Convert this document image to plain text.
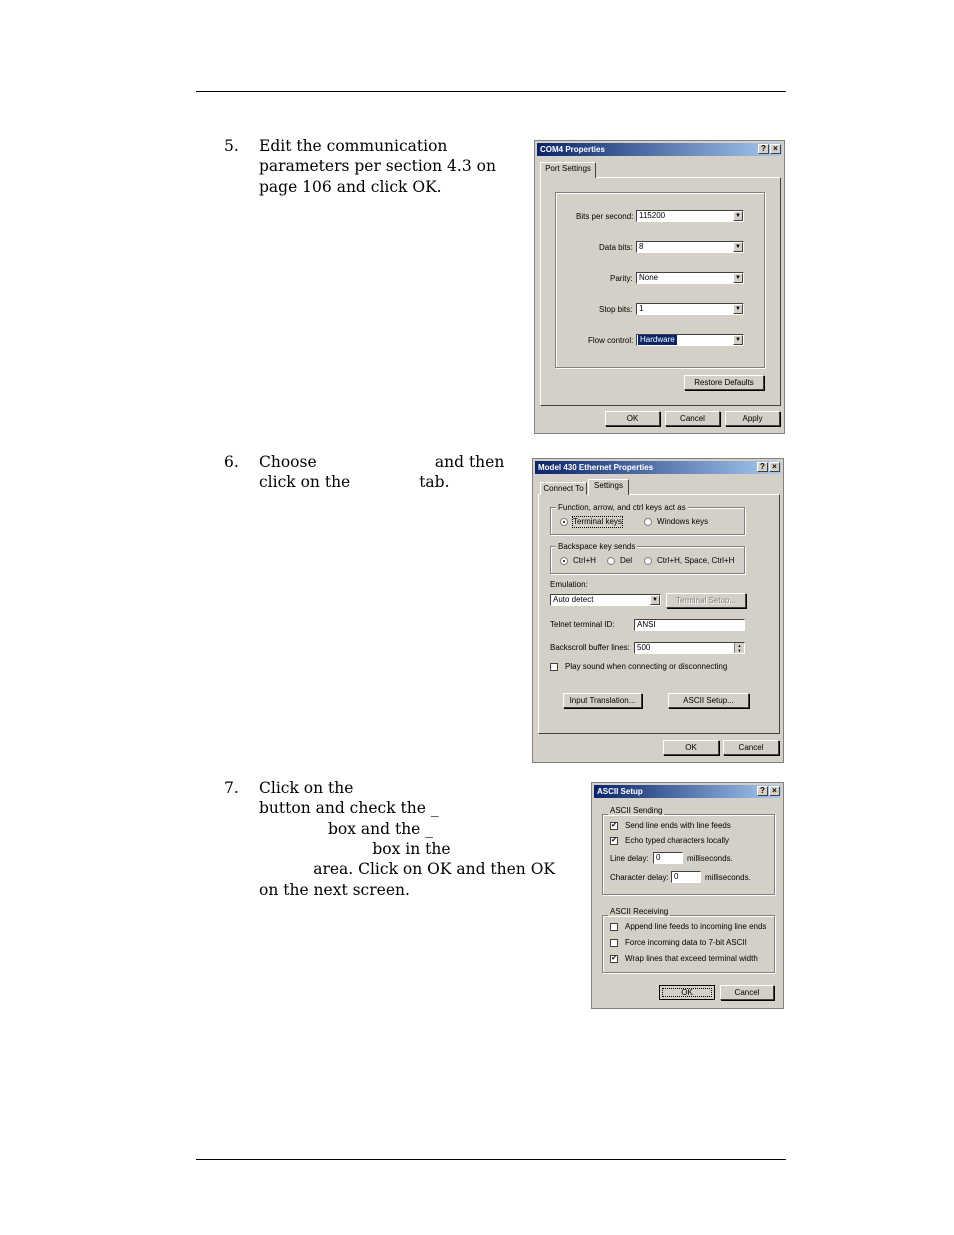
5. Edit the communication
parameters per section 4.3 on
page 106 and click OK.
6. Choose                        and then
click on the              tab.
7. Click on the
button and check the _
box and the _
box in the
area. Click on OK and then OK
on the next screen.
COM4 Properties	? ×
Port Settings
Bits per second: 115200	▼
Data bits: 8	▼
Parity: None	▼
Stop bits: 1	▼
Flow control: Hardware	▼
Restore Defaults
OK	Cancel	Apply
Model 430 Ethernet Properties	? ×
Connect To	Settings
Function, arrow, and ctrl keys act as
Terminal keys	Windows keys
Backspace key sends
Ctrl+H	Del	Ctrl+H, Space, Ctrl+H
Emulation:
Auto detect	▼	Terminal Setup...
Telnet terminal ID:	ANSI
Backscroll buffer lines: 500	▲
▼
Play sound when connecting or disconnecting
Input Translation...	ASCII Setup...
OK	Cancel
ASCII Setup	? ×
ASCII Sending
✔ Send line ends with line feeds
✔ Echo typed characters locally
Line delay: 0	milliseconds.
Character delay: 0	milliseconds.
ASCII Receiving
Append line feeds to incoming line ends
Force incoming data to 7-bit ASCII
✔ Wrap lines that exceed terminal width
OK	Cancel
